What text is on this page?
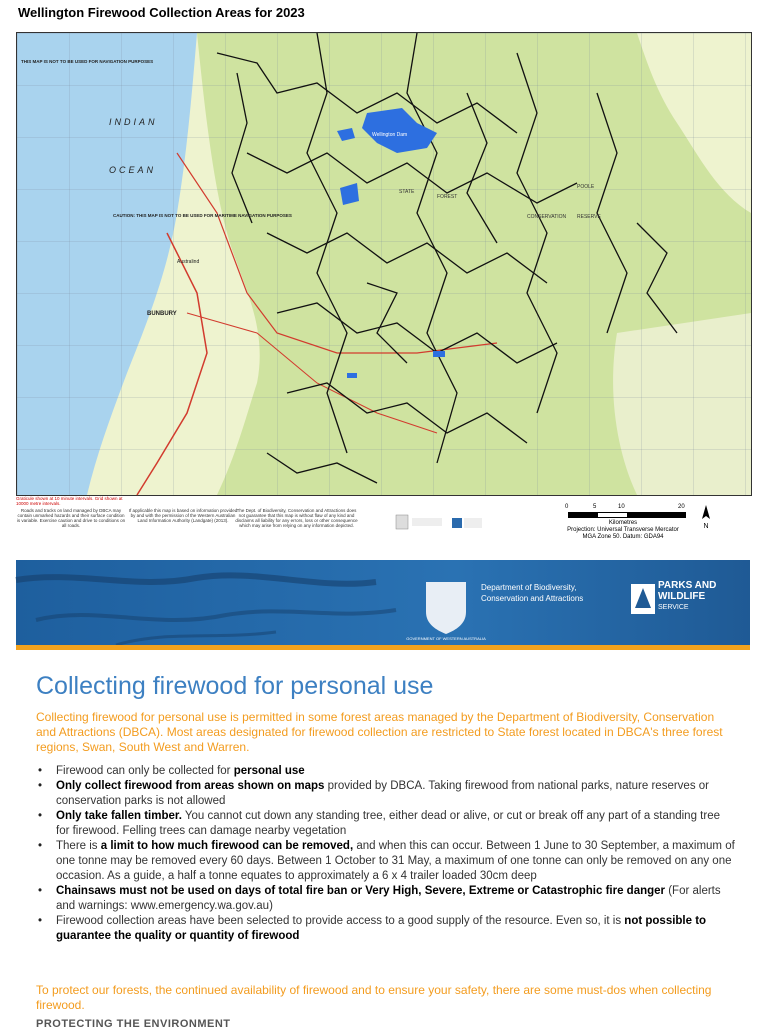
Wellington Firewood Collection Areas for 2023
INDIAN
OCEAN
THIS MAP IS NOT TO BE USED FOR NAVIGATION PURPOSES
CAUTION: THIS MAP IS NOT TO BE USED FOR MARITIME NAVIGATION PURPOSES
BUNBURY
Australind
Wellington Dam
STATE
FOREST
POOLE
CONSERVATION RESERVE
Graticule shown at 10 minute intervals. Grid shown at 10000 metre intervals.
Roads and tracks on land managed by DBCA may contain unmarked hazards and their surface condition is variable. Exercise caution and drive to conditions on all roads.
If applicable this map is based on information provided by and with the permission of the Western Australian Land Information Authority (Landgate) (2013).
The Dept. of Biodiversity, Conservation and Attractions does not guarantee that this map is without flaw of any kind and disclaims all liability for any errors, loss or other consequence which may arise from relying on any information depicted.
0	5	10	20
Kilometres
Projection: Universal Transverse Mercator
MGA Zone 50. Datum: GDA94
N
GOVERNMENT OF WESTERN AUSTRALIA
Department of Biodiversity,
Conservation and Attractions
PARKS AND
WILDLIFE
SERVICE
Collecting firewood for personal use
Collecting firewood for personal use is permitted in some forest areas managed by the Department of Biodiversity, Conservation and Attractions (DBCA). Most areas designated for firewood collection are restricted to State forest located in DBCA's three forest regions, Swan, South West and Warren.
• Firewood can only be collected for personal use
• Only collect firewood from areas shown on maps provided by DBCA. Taking firewood from national parks, nature reserves or conservation parks is not allowed
• Only take fallen timber. You cannot cut down any standing tree, either dead or alive, or cut or break off any part of a standing tree for firewood. Felling trees can damage nearby vegetation
• There is a limit to how much firewood can be removed, and when this can occur. Between 1 June to 30 September, a maximum of one tonne may be removed every 60 days. Between 1 October to 31 May, a maximum of one tonne can only be removed on any one occasion. As a guide, a half a tonne equates to approximately a 6 x 4 trailer loaded 30cm deep
• Chainsaws must not be used on days of total fire ban or Very High, Severe, Extreme or Catastrophic fire danger (For alerts and warnings: www.emergency.wa.gov.au)
• Firewood collection areas have been selected to provide access to a good supply of the resource. Even so, it is not possible to guarantee the quality or quantity of firewood
To protect our forests, the continued availability of firewood and to ensure your safety, there are some must-dos when collecting firewood.
PROTECTING THE ENVIRONMENT
